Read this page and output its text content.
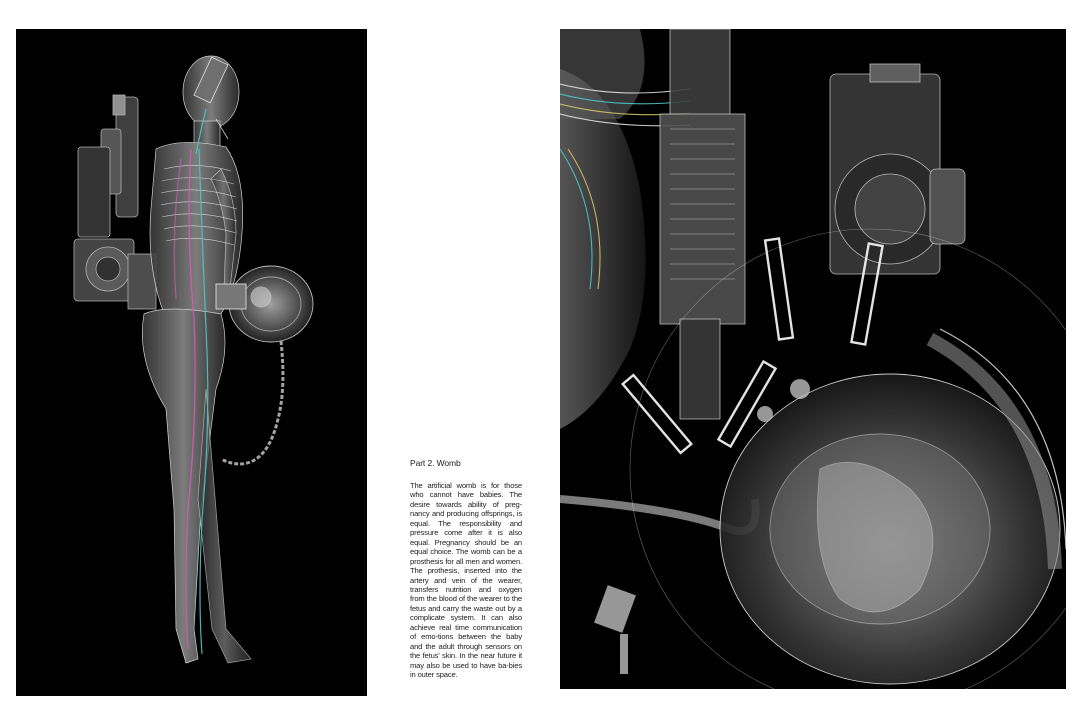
Part 2. Womb

The artificial womb is for those who cannot have babies. The desire towards ability of preg-nancy and producing offsprings, is equal. The responsibility and pressure come after it is also equal. Pregnancy should be an equal choice. The womb can be a prosthesis for all men and women. The prothesis, inserted into the artery and vein of the wearer, transfers nutrition and oxygen from the blood of the wearer to the fetus and carry the waste out by a complicate system. It can also achieve real time communication of emo-tions between the baby and the adult through sensors on the fetus' skin. In the near future it may also be used to have ba-bies in outer space.
